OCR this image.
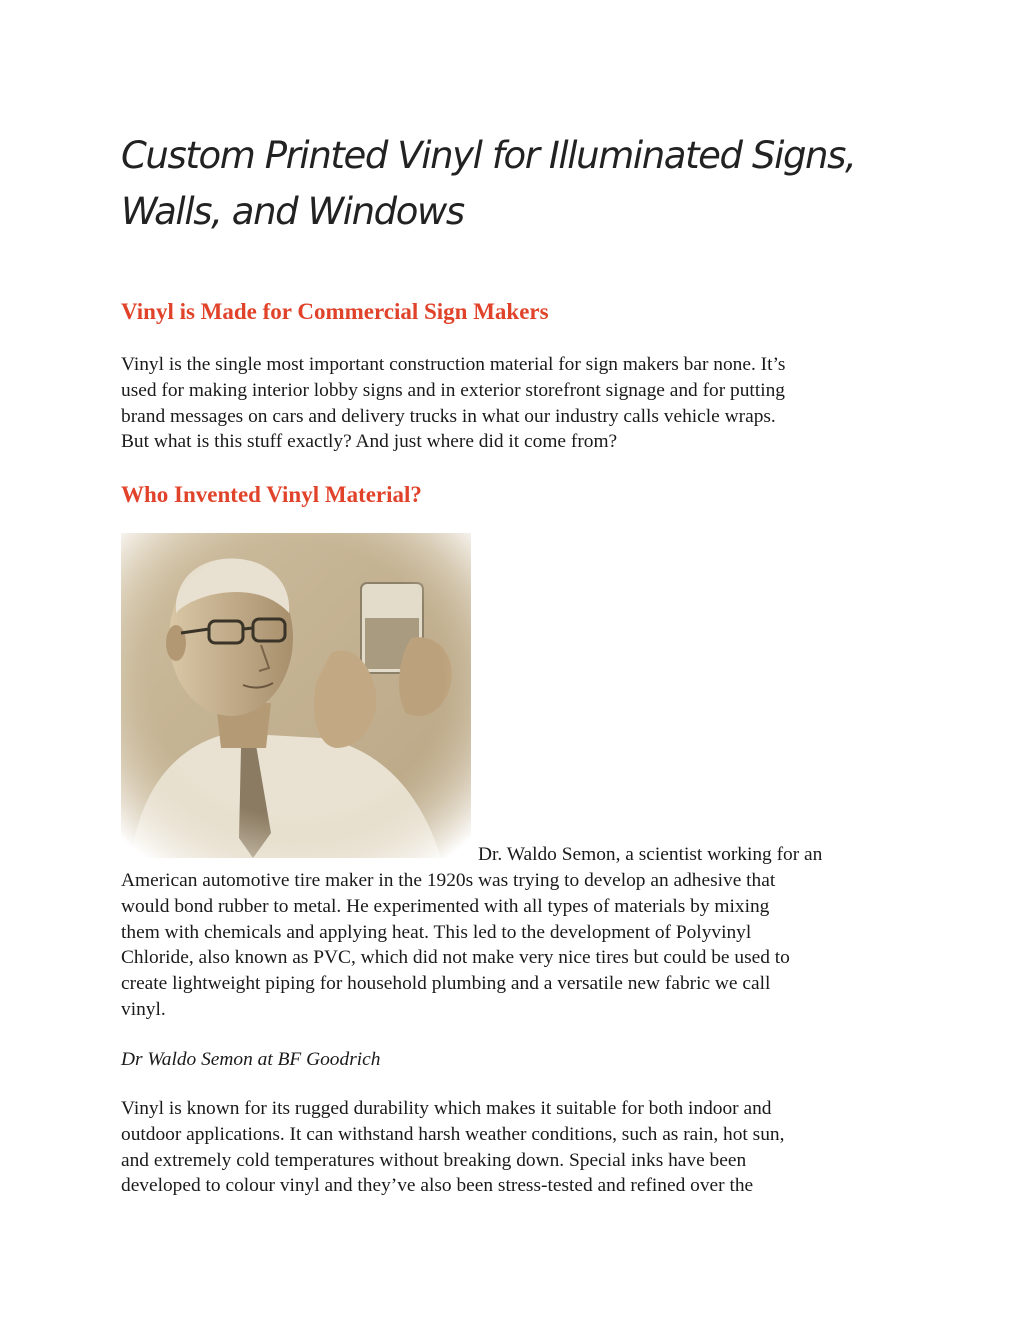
Custom Printed Vinyl for Illuminated Signs,
Walls, and Windows
Vinyl is Made for Commercial Sign Makers

Vinyl is the single most important construction material for sign makers bar none. It’s
used for making interior lobby signs and in exterior storefront signage and for putting
brand messages on cars and delivery trucks in what our industry calls vehicle wraps.
But what is this stuff exactly? And just where did it come from?

Who Invented Vinyl Material?
Dr. Waldo Semon, a scientist working for an

American automotive tire maker in the 1920s was trying to develop an adhesive that
would bond rubber to metal. He experimented with all types of materials by mixing
them with chemicals and applying heat. This led to the development of Polyvinyl
Chloride, also known as PVC, which did not make very nice tires but could be used to
create lightweight piping for household plumbing and a versatile new fabric we call
vinyl.

Dr Waldo Semon at BF Goodrich

Vinyl is known for its rugged durability which makes it suitable for both indoor and
outdoor applications. It can withstand harsh weather conditions, such as rain, hot sun,
and extremely cold temperatures without breaking down. Special inks have been
developed to colour vinyl and they’ve also been stress-tested and refined over the
